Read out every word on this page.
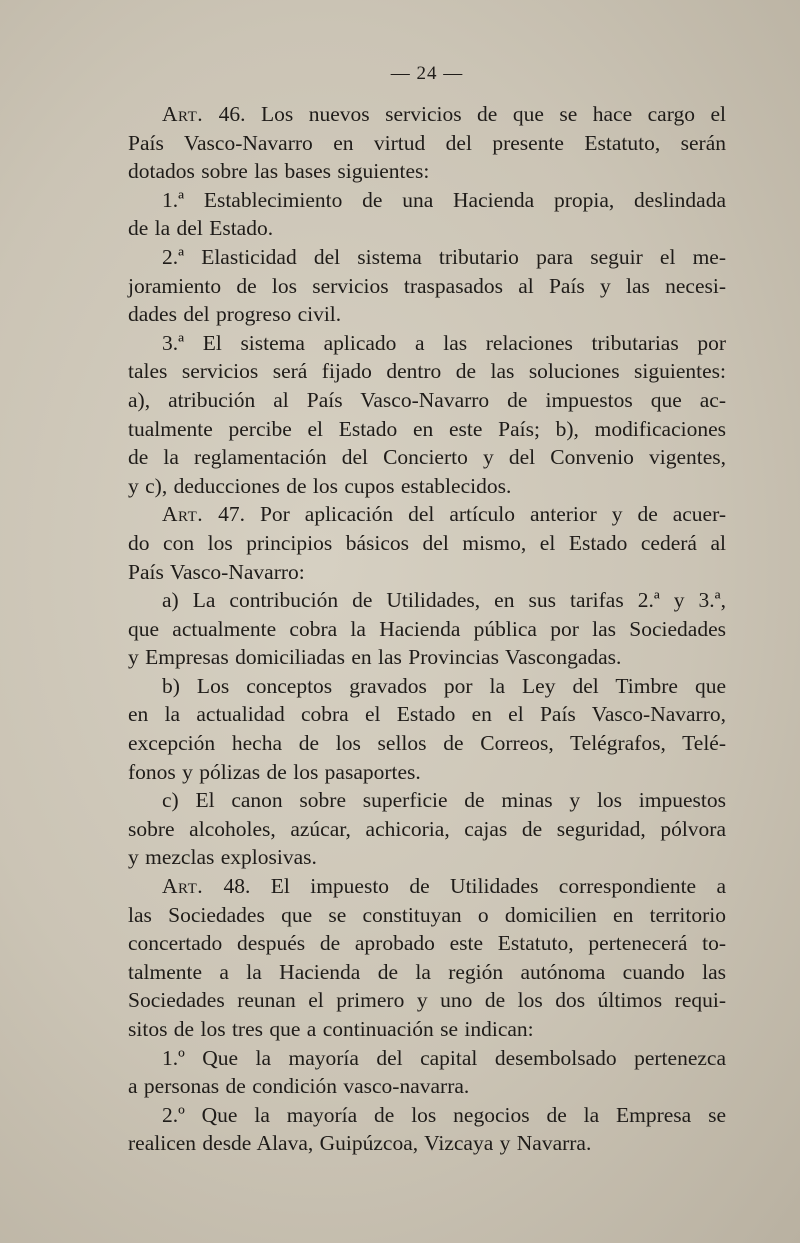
— 24 —
Art. 46. Los nuevos servicios de que se hace cargo el
País Vasco-Navarro en virtud del presente Estatuto, serán
dotados sobre las bases siguientes:
1.ª Establecimiento de una Hacienda propia, deslindada
de la del Estado.
2.ª Elasticidad del sistema tributario para seguir el me-
joramiento de los servicios traspasados al País y las necesi-
dades del progreso civil.
3.ª El sistema aplicado a las relaciones tributarias por
tales servicios será fijado dentro de las soluciones siguientes:
a), atribución al País Vasco-Navarro de impuestos que ac-
tualmente percibe el Estado en este País; b), modificaciones
de la reglamentación del Concierto y del Convenio vigentes,
y c), deducciones de los cupos establecidos.
Art. 47. Por aplicación del artículo anterior y de acuer-
do con los principios básicos del mismo, el Estado cederá al
País Vasco-Navarro:
a) La contribución de Utilidades, en sus tarifas 2.ª y 3.ª,
que actualmente cobra la Hacienda pública por las Sociedades
y Empresas domiciliadas en las Provincias Vascongadas.
b) Los conceptos gravados por la Ley del Timbre que
en la actualidad cobra el Estado en el País Vasco-Navarro,
excepción hecha de los sellos de Correos, Telégrafos, Telé-
fonos y pólizas de los pasaportes.
c) El canon sobre superficie de minas y los impuestos
sobre alcoholes, azúcar, achicoria, cajas de seguridad, pólvora
y mezclas explosivas.
Art. 48. El impuesto de Utilidades correspondiente a
las Sociedades que se constituyan o domicilien en territorio
concertado después de aprobado este Estatuto, pertenecerá to-
talmente a la Hacienda de la región autónoma cuando las
Sociedades reunan el primero y uno de los dos últimos requi-
sitos de los tres que a continuación se indican:
1.º Que la mayoría del capital desembolsado pertenezca
a personas de condición vasco-navarra.
2.º Que la mayoría de los negocios de la Empresa se
realicen desde Alava, Guipúzcoa, Vizcaya y Navarra.
